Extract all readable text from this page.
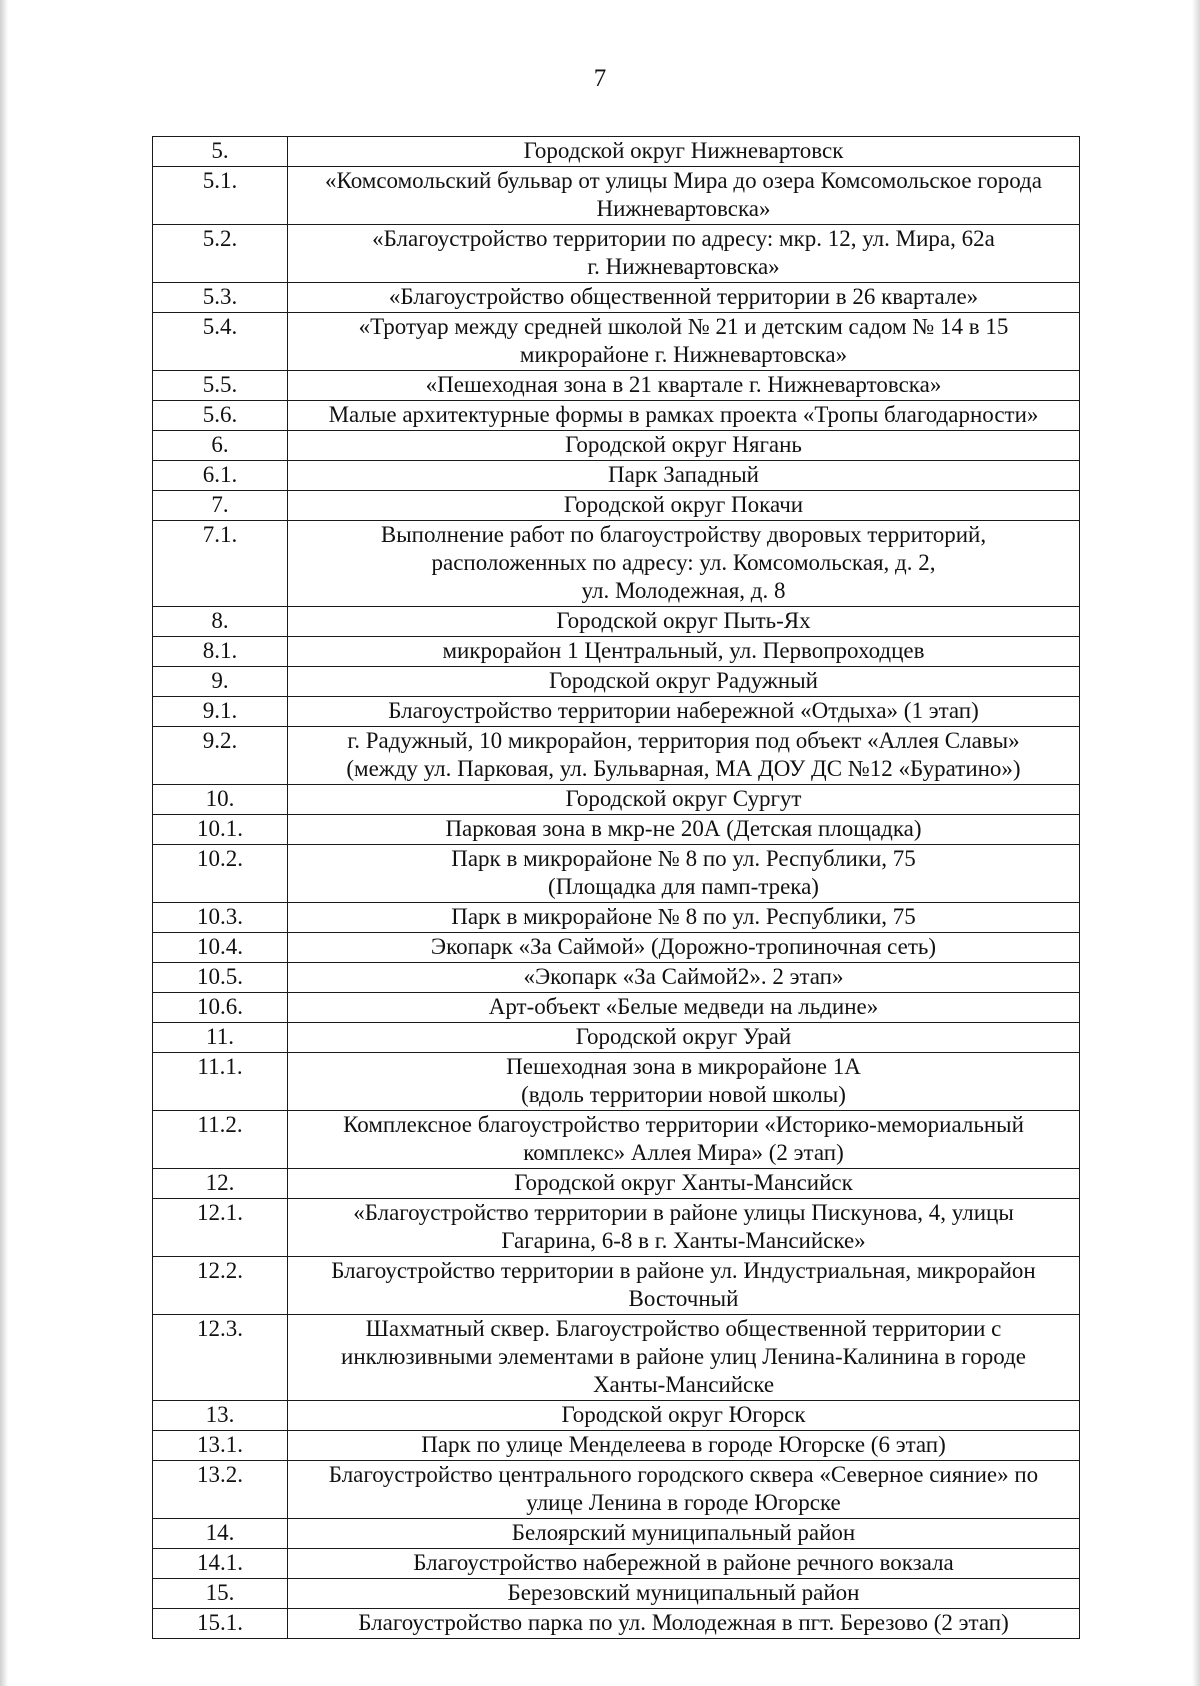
7
5.	Городской округ Нижневартовск
5.1.	«Комсомольский бульвар от улицы Мира до озера Комсомольское города
Нижневартовска»
5.2.	«Благоустройство территории по адресу: мкр. 12, ул. Мира, 62а
г. Нижневартовска»
5.3.	«Благоустройство общественной территории в 26 квартале»
5.4.	«Тротуар между средней школой № 21 и детским садом № 14 в 15
микрорайоне г. Нижневартовска»
5.5.	«Пешеходная зона в 21 квартале г. Нижневартовска»
5.6.	Малые архитектурные формы в рамках проекта «Тропы благодарности»
6.	Городской округ Нягань
6.1.	Парк Западный
7.	Городской округ Покачи
7.1.	Выполнение работ по благоустройству дворовых территорий,
расположенных по адресу: ул. Комсомольская, д. 2,
ул. Молодежная, д. 8
8.	Городской округ Пыть-Ях
8.1.	микрорайон 1 Центральный, ул. Первопроходцев
9.	Городской округ Радужный
9.1.	Благоустройство территории набережной «Отдыха» (1 этап)
9.2.	г. Радужный, 10 микрорайон, территория под объект «Аллея Славы»
(между ул. Парковая, ул. Бульварная, МА ДОУ ДС №12 «Буратино»)
10.	Городской округ Сургут
10.1.	Парковая зона в мкр-не 20А (Детская площадка)
10.2.	Парк в микрорайоне № 8 по ул. Республики, 75
(Площадка для памп-трека)
10.3.	Парк в микрорайоне № 8 по ул. Республики, 75
10.4.	Экопарк «За Саймой» (Дорожно-тропиночная сеть)
10.5.	«Экопарк «За Саймой2». 2 этап»
10.6.	Арт-объект «Белые медведи на льдине»
11.	Городской округ Урай
11.1.	Пешеходная зона в микрорайоне 1А
(вдоль территории новой школы)
11.2.	Комплексное благоустройство территории «Историко-мемориальный
комплекс» Аллея Мира» (2 этап)
12.	Городской округ Ханты-Мансийск
12.1.	«Благоустройство территории в районе улицы Пискунова, 4, улицы
Гагарина, 6-8 в г. Ханты-Мансийске»
12.2.	Благоустройство территории в районе ул. Индустриальная, микрорайон
Восточный
12.3.	Шахматный сквер. Благоустройство общественной территории с
инклюзивными элементами в районе улиц Ленина-Калинина в городе
Ханты-Мансийске
13.	Городской округ Югорск
13.1.	Парк по улице Менделеева в городе Югорске (6 этап)
13.2.	Благоустройство центрального городского сквера «Северное сияние» по
улице Ленина в городе Югорске
14.	Белоярский муниципальный район
14.1.	Благоустройство набережной в районе речного вокзала
15.	Березовский муниципальный район
15.1.	Благоустройство парка по ул. Молодежная в пгт. Березово (2 этап)
